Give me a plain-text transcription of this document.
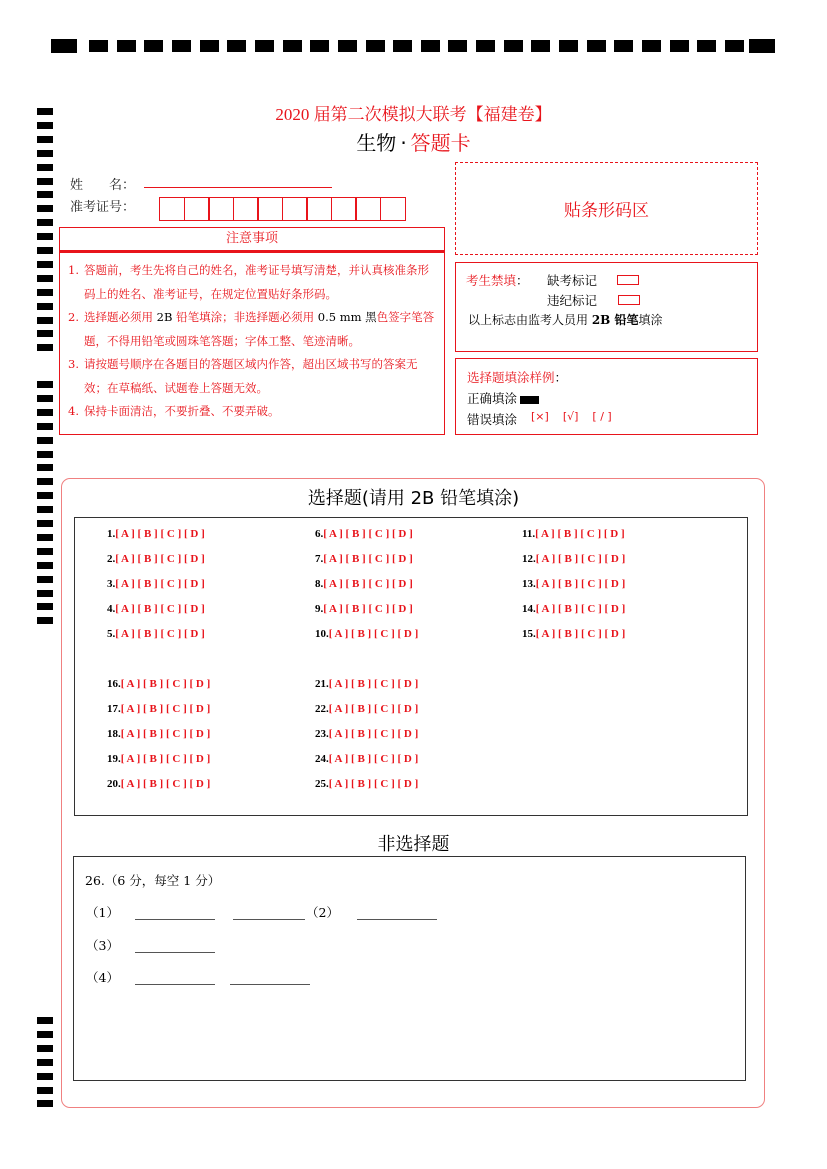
2020 届第二次模拟大联考【福建卷】
生物 · 答题卡
姓　　名：
准考证号：
注意事项
1. 答题前，考生先将自己的姓名，准考证号填写清楚，并认真核准条形码上的姓名、准考证号，在规定位置贴好条形码。
2. 选择题必须用 2B 铅笔填涂；非选择题必须用 0.5 mm 黑色签字笔答题，不得用铅笔或圆珠笔答题；字体工整、笔迹清晰。
3. 请按题号顺序在各题目的答题区域内作答，超出区域书写的答案无效；在草稿纸、试题卷上答题无效。
4. 保持卡面清洁，不要折叠、不要弄破。
贴条形码区
考生禁填 ： 缺考标记
违纪标记
以上标志由监考人员用 2B 铅笔填涂
选择题填涂样例：
正确填涂
错误填涂 [×] [√] [ / ]
选择题(请用 2B 铅笔填涂)
1.[ A ] [ B ] [ C ] [ D ]
2.[ A ] [ B ] [ C ] [ D ]
3.[ A ] [ B ] [ C ] [ D ]
4.[ A ] [ B ] [ C ] [ D ]
5.[ A ] [ B ] [ C ] [ D ]
6.[ A ] [ B ] [ C ] [ D ]
7.[ A ] [ B ] [ C ] [ D ]
8.[ A ] [ B ] [ C ] [ D ]
9.[ A ] [ B ] [ C ] [ D ]
10.[ A ] [ B ] [ C ] [ D ]
11.[ A ] [ B ] [ C ] [ D ]
12.[ A ] [ B ] [ C ] [ D ]
13.[ A ] [ B ] [ C ] [ D ]
14.[ A ] [ B ] [ C ] [ D ]
15.[ A ] [ B ] [ C ] [ D ]
16.[ A ] [ B ] [ C ] [ D ]
17.[ A ] [ B ] [ C ] [ D ]
18.[ A ] [ B ] [ C ] [ D ]
19.[ A ] [ B ] [ C ] [ D ]
20.[ A ] [ B ] [ C ] [ D ]
21.[ A ] [ B ] [ C ] [ D ]
22.[ A ] [ B ] [ C ] [ D ]
23.[ A ] [ B ] [ C ] [ D ]
24.[ A ] [ B ] [ C ] [ D ]
25.[ A ] [ B ] [ C ] [ D ]
非选择题
26.（6 分，每空 1 分）
（1）	（2）
（3）
（4）
